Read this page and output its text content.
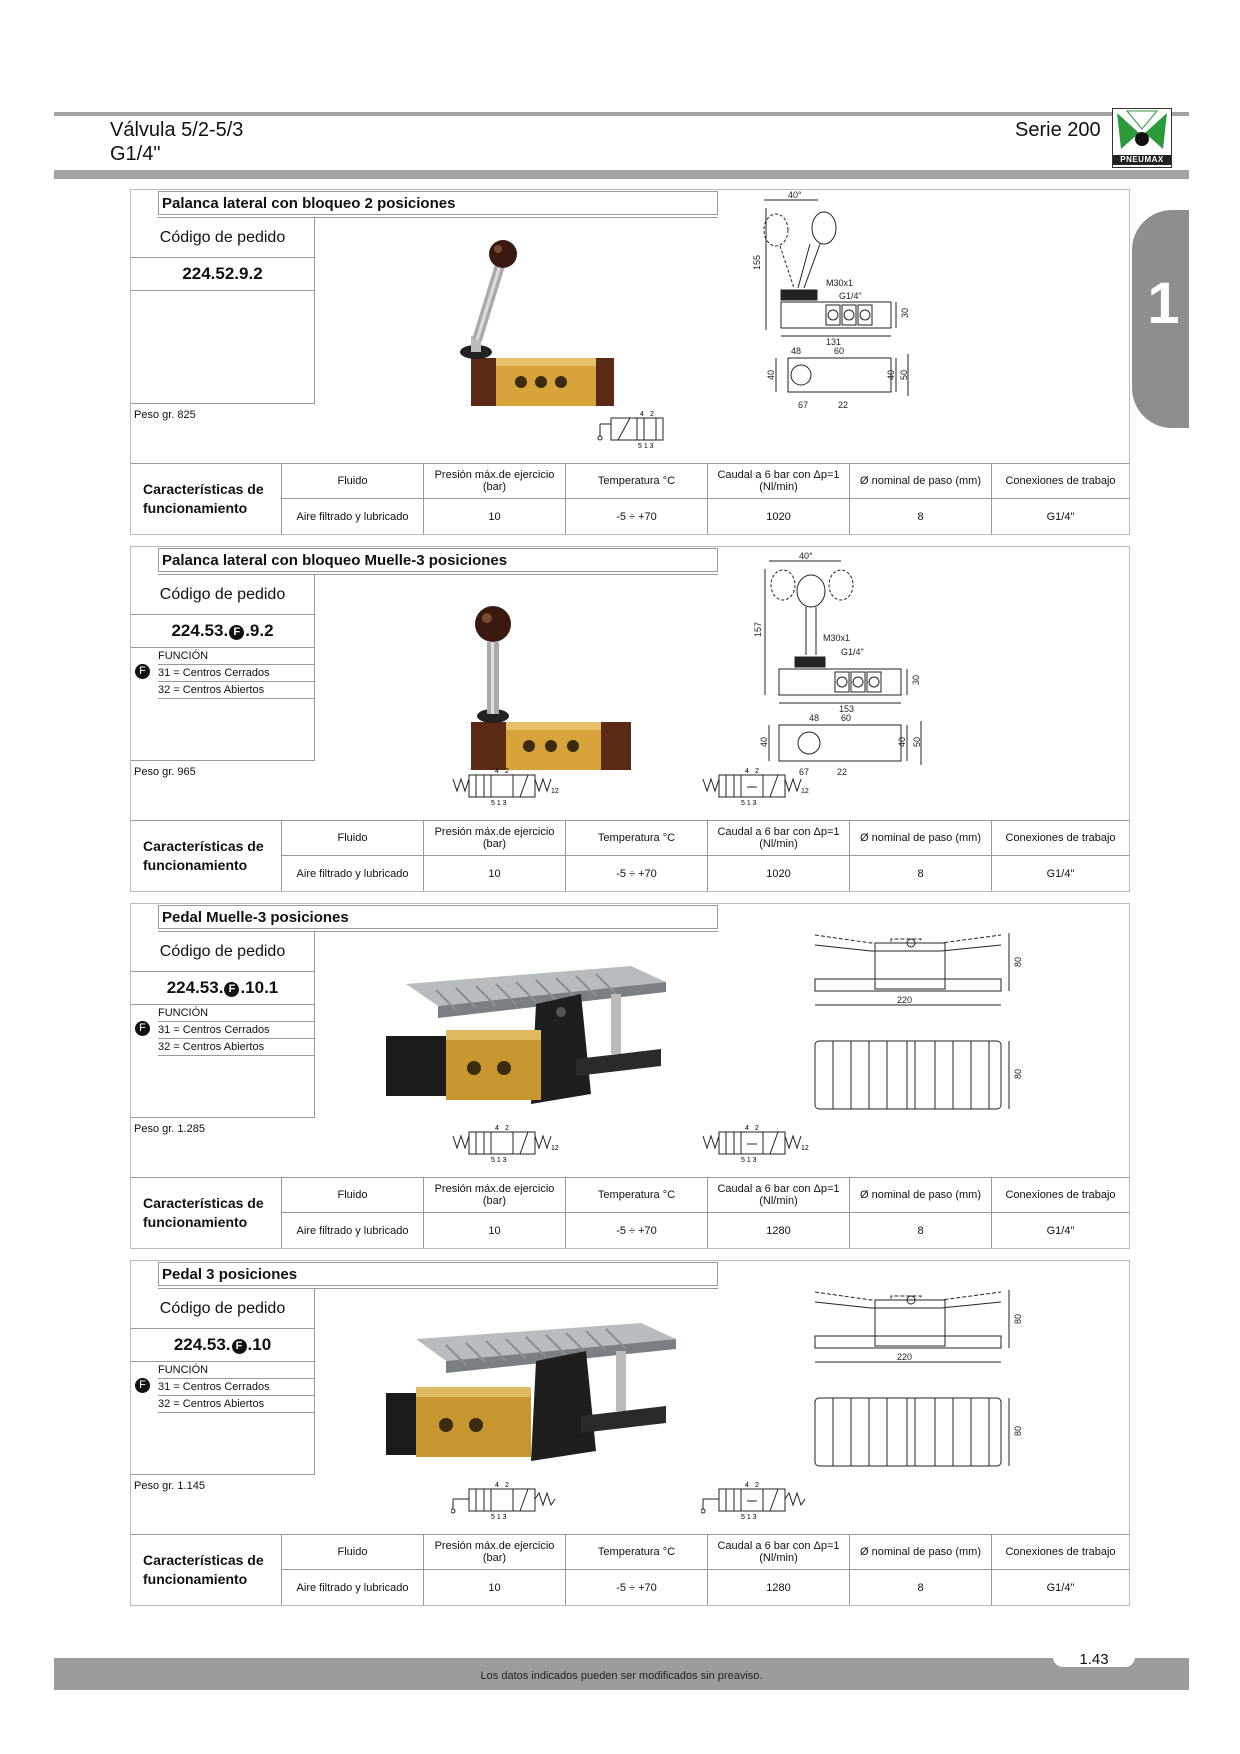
Válvula 5/2-5/3
G1/4"
Serie 200
PNEUMAX
1
Palanca lateral con bloqueo 2 posiciones
Código de pedido
224.52.9.2
Peso gr. 825
40°
155
M30x1
G1/4"
30
131
48	60
40	40 50
67	22
4 2
5 1 3
Características de funcionamiento
Fluido	Presión máx.de ejercicio (bar)	Temperatura °C	Caudal a 6 bar con Δp=1 (Nl/min)	Ø nominal de paso (mm)	Conexiones de trabajo
Aire filtrado y lubricado	10	-5 ÷ +70	1020	8	G1/4"
Palanca lateral con bloqueo Muelle-3 posiciones
Código de pedido
224.53. F .9.2
F
FUNCIÓN
31 = Centros Cerrados
32 = Centros Abiertos
Peso gr. 965
40°
157
M30x1
G1/4"
30
153
48 60
40	40 50
67	22
4 2
5 1 3
12
4 2
5 1 3
12
Características de funcionamiento
Fluido	Presión máx.de ejercicio (bar)	Temperatura °C	Caudal a 6 bar con Δp=1 (Nl/min)	Ø nominal de paso (mm)	Conexiones de trabajo
Aire filtrado y lubricado	10	-5 ÷ +70	1020	8	G1/4"
Pedal Muelle-3 posiciones
Código de pedido
224.53. F .10.1
F
FUNCIÓN
31 = Centros Cerrados
32 = Centros Abiertos
Peso gr. 1.285
80
220
80
4 2
5 1 3
12
4 2
5 1 3
12
Características de funcionamiento
Fluido	Presión máx.de ejercicio (bar)	Temperatura °C	Caudal a 6 bar con Δp=1 (Nl/min)	Ø nominal de paso (mm)	Conexiones de trabajo
Aire filtrado y lubricado	10	-5 ÷ +70	1280	8	G1/4"
Pedal 3 posiciones
Código de pedido
224.53. F .10
F
FUNCIÓN
31 = Centros Cerrados
32 = Centros Abiertos
Peso gr. 1.145
80
220
80
4 2
5 1 3
4 2
5 1 3
Características de funcionamiento
Fluido	Presión máx.de ejercicio (bar)	Temperatura °C	Caudal a 6 bar con Δp=1 (Nl/min)	Ø nominal de paso (mm)	Conexiones de trabajo
Aire filtrado y lubricado	10	-5 ÷ +70	1280	8	G1/4"
Los datos indicados pueden ser modificados sin preaviso.
1.43
